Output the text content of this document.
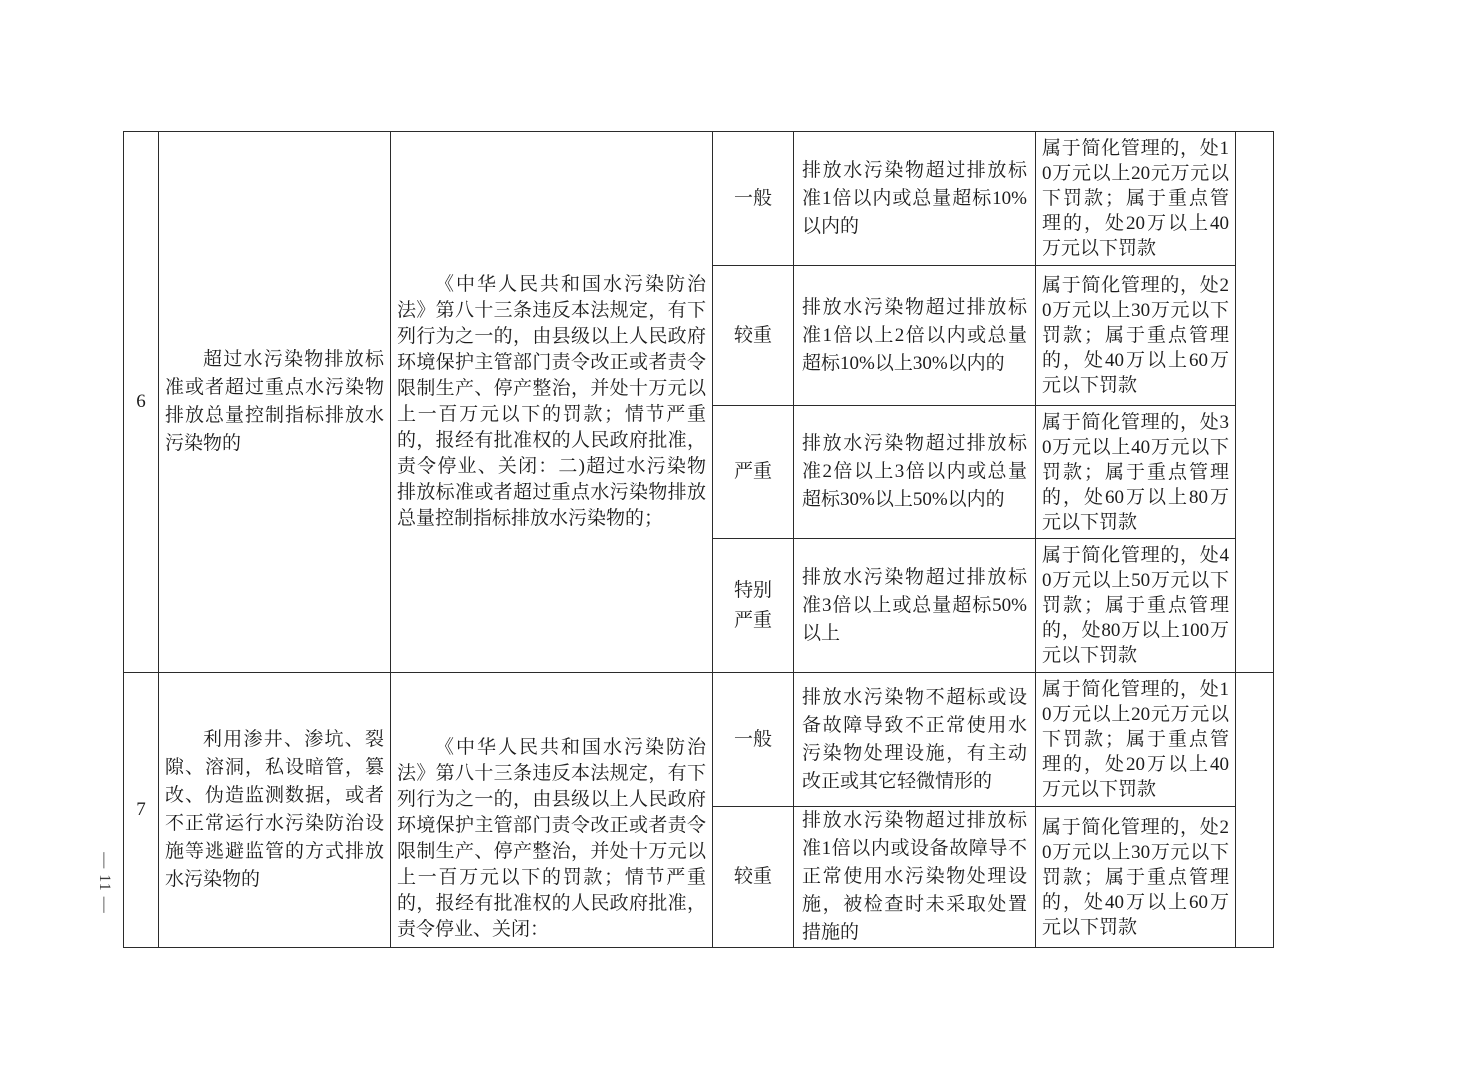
— 11 —
6	超过水污染物排放标准或者超过重点水污染物排放总量控制指标排放水污染物的	《中华人民共和国水污染防治法》第八十三条违反本法规定，有下列行为之一的，由县级以上人民政府环境保护主管部门责令改正或者责令限制生产、停产整治，并处十万元以上一百万元以下的罚款；情节严重的，报经有批准权的人民政府批准，责令停业、关闭：二)超过水污染物排放标准或者超过重点水污染物排放总量控制指标排放水污染物的；	一般	排放水污染物超过排放标准1倍以内或总量超标10%以内的	属于简化管理的，处10万元以上20元万元以下罚款；属于重点管理的，处20万以上40万元以下罚款	
			较重	排放水污染物超过排放标准1倍以上2倍以内或总量超标10%以上30%以内的	属于简化管理的，处20万元以上30万元以下罚款；属于重点管理的，处40万以上60万元以下罚款	
			严重	排放水污染物超过排放标准2倍以上3倍以内或总量超标30%以上50%以内的	属于简化管理的，处30万元以上40万元以下罚款；属于重点管理的，处60万以上80万元以下罚款	
			特别严重	排放水污染物超过排放标准3倍以上或总量超标50%以上	属于简化管理的，处40万元以上50万元以下罚款；属于重点管理的，处80万以上100万元以下罚款	
7	利用渗井、渗坑、裂隙、溶洞，私设暗管，篡改、伪造监测数据，或者不正常运行水污染防治设施等逃避监管的方式排放水污染物的	《中华人民共和国水污染防治法》第八十三条违反本法规定，有下列行为之一的，由县级以上人民政府环境保护主管部门责令改正或者责令限制生产、停产整治，并处十万元以上一百万元以下的罚款；情节严重的，报经有批准权的人民政府批准，责令停业、关闭：	一般	排放水污染物不超标或设备故障导致不正常使用水污染物处理设施，有主动改正或其它轻微情形的	属于简化管理的，处10万元以上20元万元以下罚款；属于重点管理的，处20万以上40万元以下罚款	
			较重	排放水污染物超过排放标准1倍以内或设备故障导不正常使用水污染物处理设施，被检查时未采取处置措施的	属于简化管理的，处20万元以上30万元以下罚款；属于重点管理的，处40万以上60万元以下罚款	
